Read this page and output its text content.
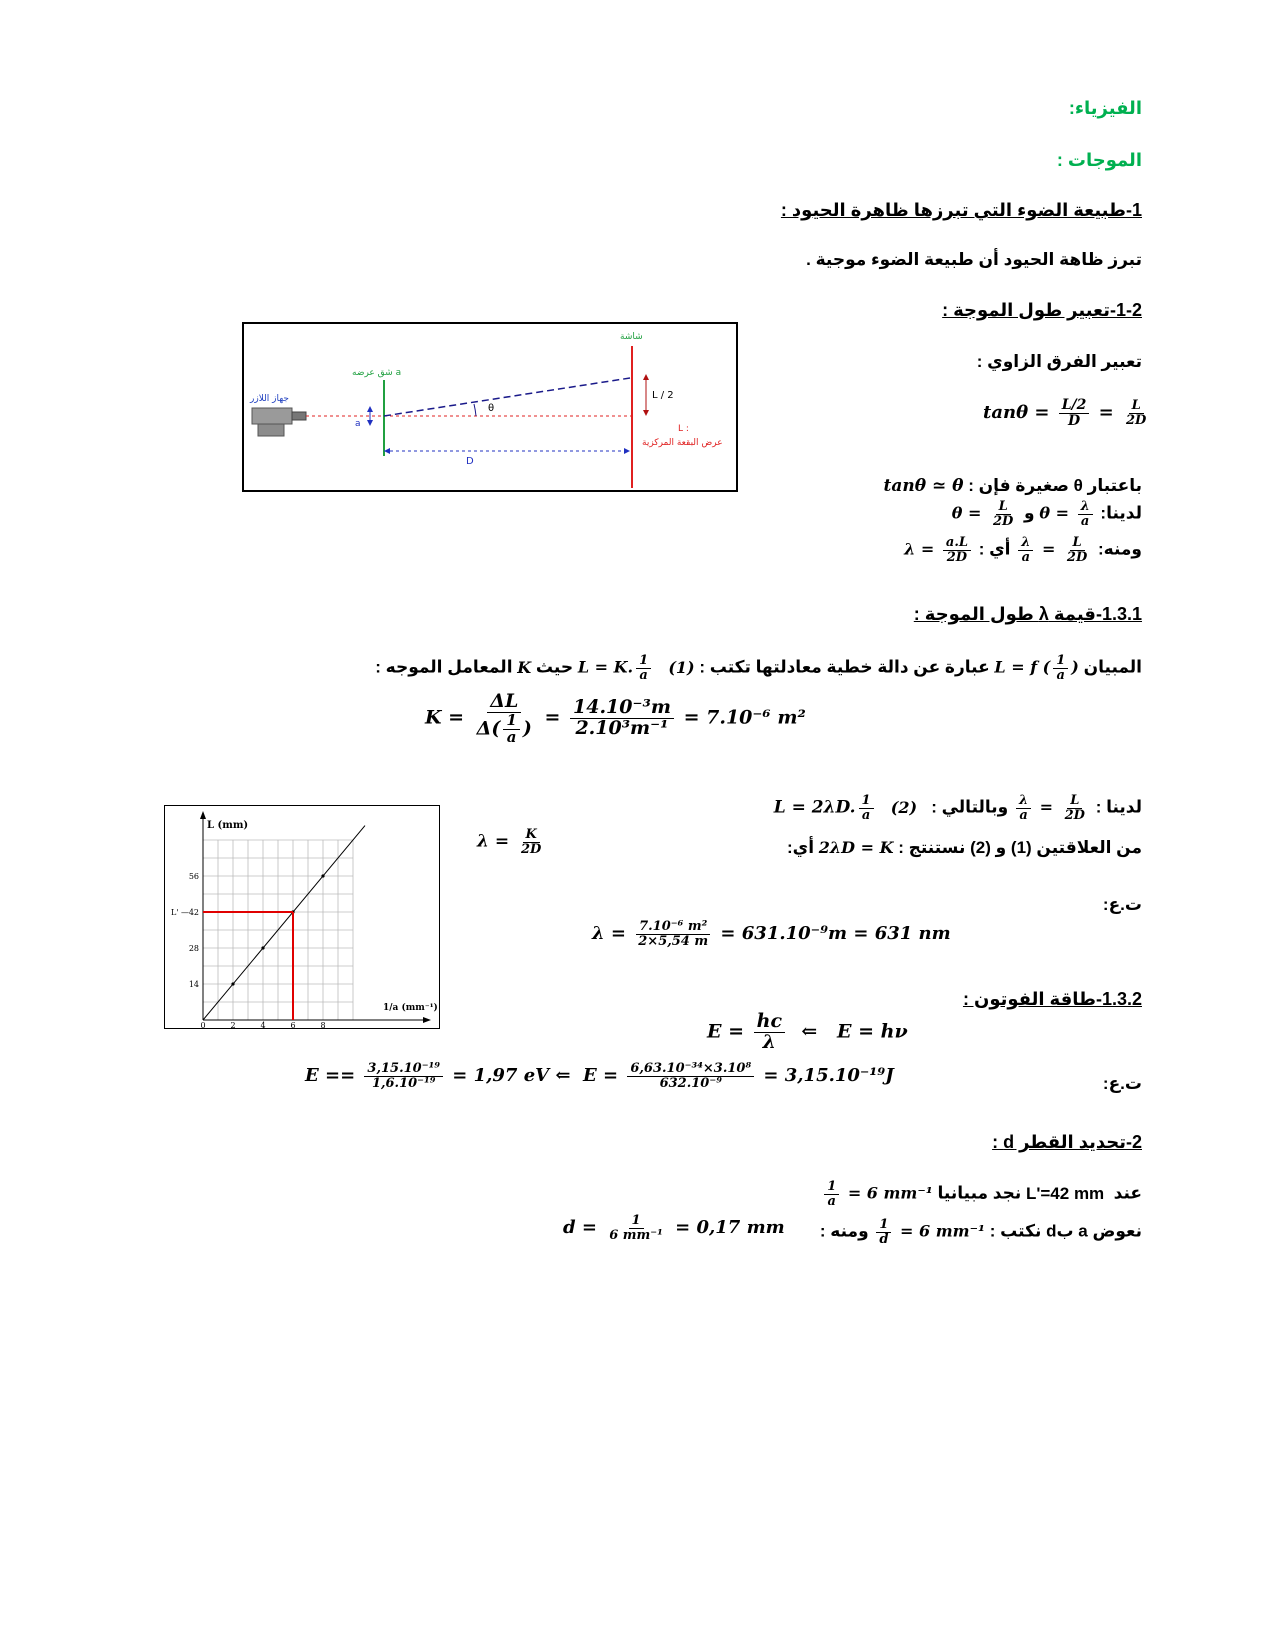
الفيزياء:
الموجات :
1-طبيعة الضوء التي تبرزها ظاهرة الحيود :
تبرز ظاهة الحيود أن طبيعة الضوء موجية .
1-2-تعبير طول الموجة :
تعبير الفرق الزاوي :
$\tan\theta = \frac{L/2}{D} = \frac{L}{2D}$
باعتبار θ صغيرة فإن : tanθ ≃ θ
لدينا: $\theta = \frac{\lambda}{a}$
و $\theta = \frac{L}{2D}$
ومنه:
$\frac{\lambda}{a} = \frac{L}{2D}$
أي : $\lambda = \frac{a.L}{2D}$
جهاز اللازر
شق عرضه a
شاشة
a
θ
D
L / 2
L :
عرض البقعة المركزية
1.3.1-قيمة λ طول الموجة :
المبيان L = f ( $\frac{1}{a}$ ) عبارة عن دالة خطية معادلتها تكتب : (1)   L = K. $\frac{1}{a}$
حيث K المعامل الموجه :
$K = \frac{\Delta L}{\Delta( \frac{1}{a} )} = \frac{\text{14.10⁻³m}}{\text{2.10³m⁻¹}} = 7.10^{-6}$ m²
لدينا :
$\frac{\lambda}{a} = \frac{L}{2D}$
وبالتالي :   (2)   L = 2λD. $\frac{1}{a}$
من العلاقتين (1) و (2) نستنتج : 2λD = K أي:
$\lambda = \frac{K}{2D}$
ت.ع:
$\lambda = \frac{\text{7.10⁻⁶ m²}}{2\times 5,54 m} = 631.10^{-9}m = 631$ nm
0	2	4	6	8
14
28
42
56
L (mm)
1/a (mm⁻¹)
L' —
1.3.2-طاقة الفوتون :
$E = \frac{hc}{\lambda}$ ⇐   E = hν
ت.ع:
$E == \frac{\text{3,15.10⁻¹⁹}}{\text{1,6.10⁻¹⁹}} = 1,97$ eV ⇐  $E = \frac{\text{6,63.10⁻³⁴×3.10⁸}}{\text{632.10⁻⁹}} = 3,15.10^{-19}J$
2-تحديد القطر d :
عند  L'=42 mm نجد مبيانيا
$\frac{1}{a} = 6$ mm⁻¹
نعوض a بd نكتب :
$\frac{1}{d} = 6$ mm⁻¹ ومنه :
$d = \frac{1}{\text{6 mm⁻¹}} = 0,17$ mm
